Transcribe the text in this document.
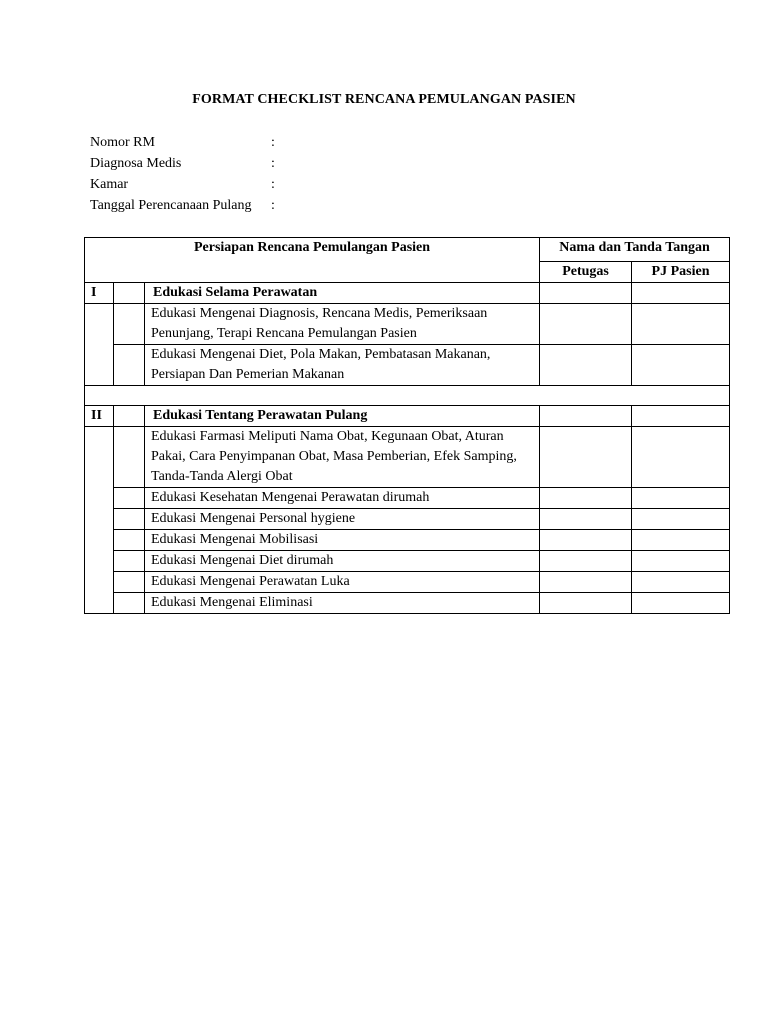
FORMAT CHECKLIST RENCANA PEMULANGAN PASIEN
Nomor RM	:
Diagnosa Medis	:
Kamar	:
Tanggal Perencanaan Pulang :
Persiapan Rencana Pemulangan Pasien			Nama dan Tanda Tangan	
			Petugas	PJ Pasien
I		Edukasi Selama Perawatan		
		Edukasi Mengenai Diagnosis, Rencana Medis, Pemeriksaan Penunjang, Terapi Rencana Pemulangan Pasien		
		Edukasi Mengenai Diet, Pola Makan, Pembatasan Makanan, Persiapan Dan Pemerian Makanan		

II		Edukasi Tentang Perawatan Pulang		
		Edukasi Farmasi Meliputi Nama Obat, Kegunaan Obat, Aturan Pakai, Cara Penyimpanan Obat, Masa Pemberian, Efek Samping, Tanda-Tanda Alergi Obat		
		Edukasi Kesehatan Mengenai Perawatan dirumah		
		Edukasi Mengenai Personal hygiene		
		Edukasi Mengenai Mobilisasi		
		Edukasi Mengenai Diet dirumah		
		Edukasi Mengenai Perawatan Luka		
		Edukasi Mengenai Eliminasi		
